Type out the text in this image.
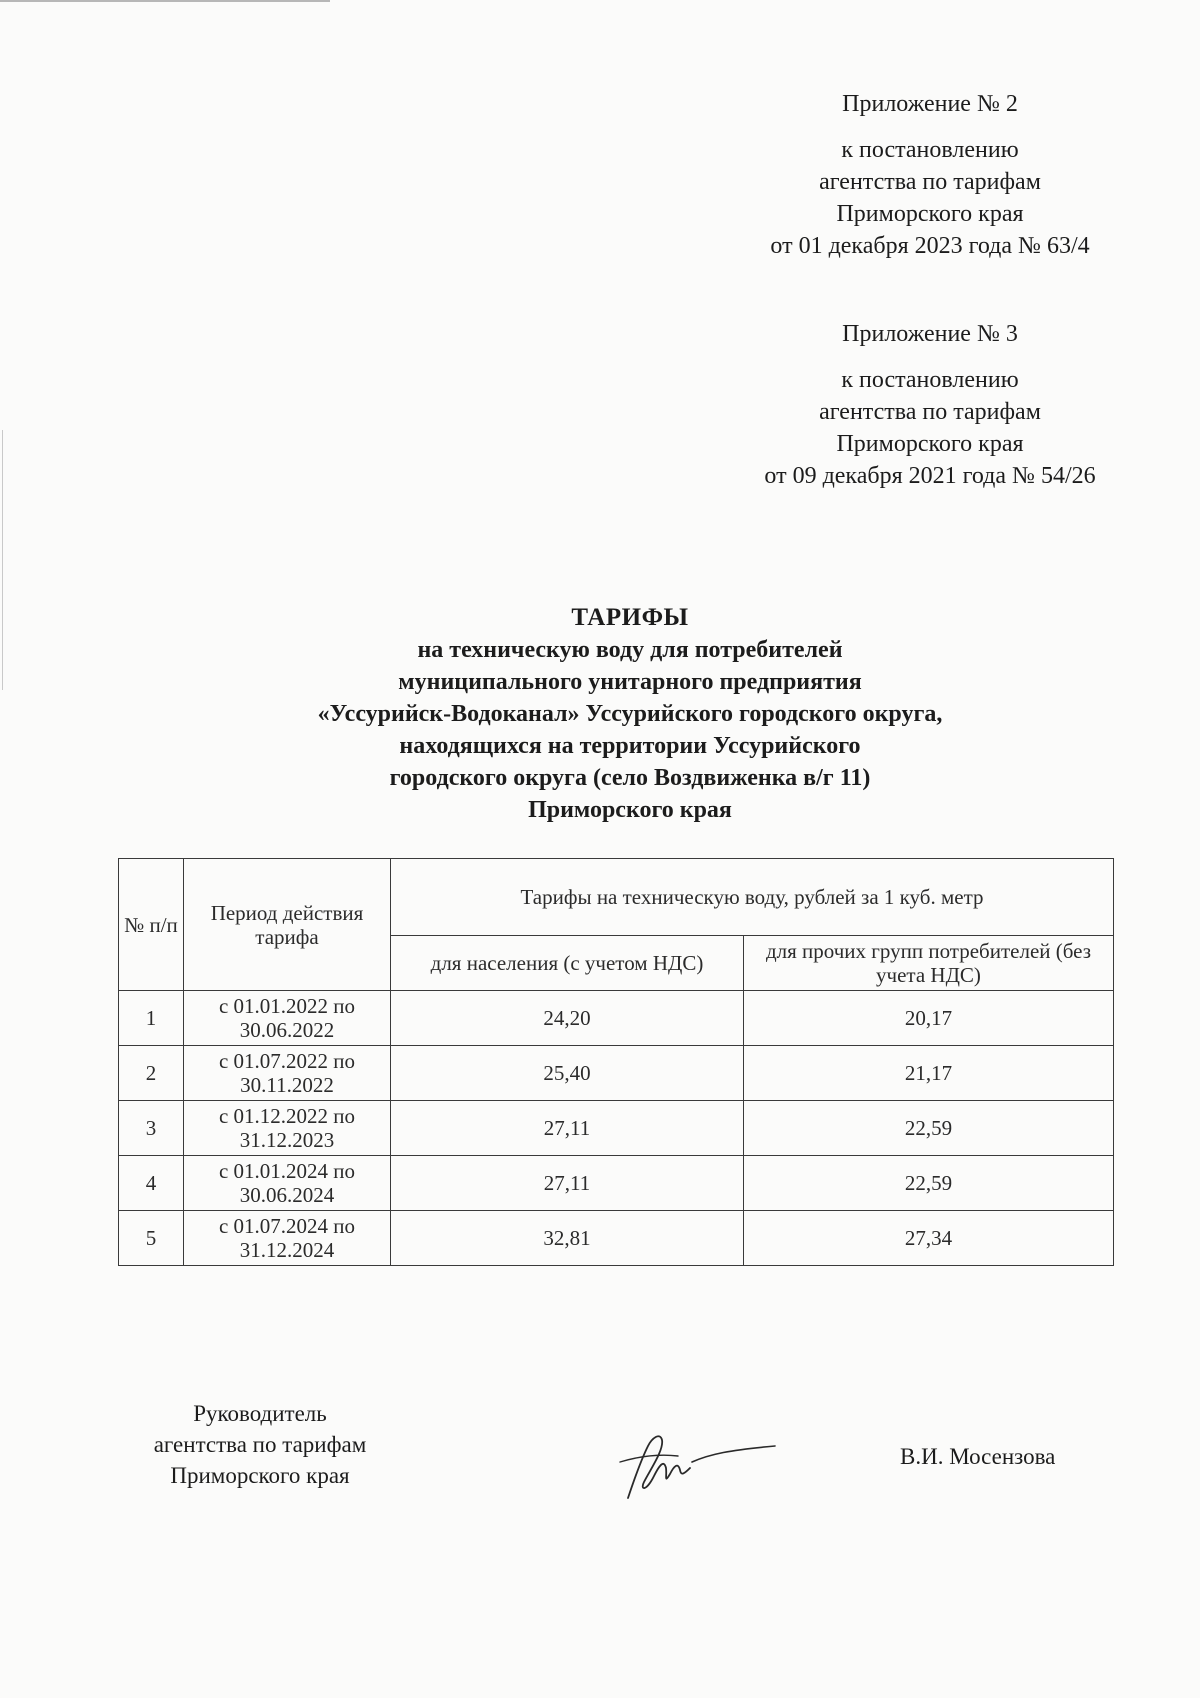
Приложение № 2
к постановлению
агентства по тарифам
Приморского края
от 01 декабря 2023 года № 63/4
Приложение № 3
к постановлению
агентства по тарифам
Приморского края
от 09 декабря 2021 года № 54/26
ТАРИФЫ
на техническую воду для потребителей
муниципального унитарного предприятия
«Уссурийск-Водоканал» Уссурийского городского округа,
находящихся на территории Уссурийского
городского округа (село Воздвиженка в/г 11)
Приморского края
№ п/п	Период действия тарифа	Тарифы на техническую воду, рублей за 1 куб. метр	
		для населения (с учетом НДС)	для прочих групп потребителей (без учета НДС)
1	с 01.01.2022 по 30.06.2022	24,20	20,17
2	с 01.07.2022 по 30.11.2022	25,40	21,17
3	с 01.12.2022 по 31.12.2023	27,11	22,59
4	с 01.01.2024 по 30.06.2024	27,11	22,59
5	с 01.07.2024 по 31.12.2024	32,81	27,34
Руководитель
агентства по тарифам
Приморского края
В.И. Мосензова
